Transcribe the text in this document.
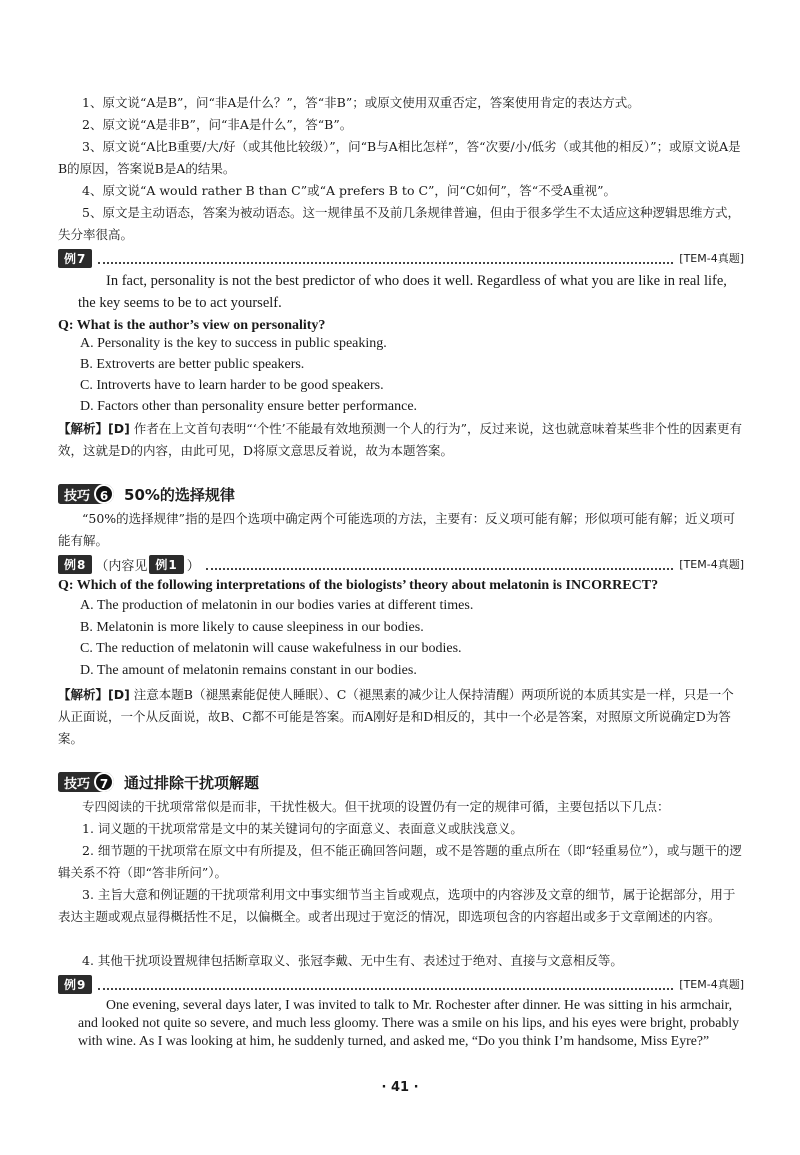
1、原文说“A是B”，问“非A是什么？”，答“非B”；或原文使用双重否定，答案使用肯定的表达方式。

2、原文说“A是非B”，问“非A是什么”，答“B”。

3、原文说“A比B重要/大/好（或其他比较级）”，问“B与A相比怎样”，答“次要/小/低劣（或其他的相反）”；或原文说A是B的原因，答案说B是A的结果。

4、原文说“A would rather B than C”或“A prefers B to C”，问“C如何”，答“不受A重视”。

5、原文是主动语态，答案为被动语态。这一规律虽不及前几条规律普遍，但由于很多学生不太适应这种逻辑思维方式，失分率很高。

例7	[TEM-4真题]

In fact, personality is not the best predictor of who does it well. Regardless of what you are like in real life, the key seems to be to act yourself.

Q: What is the author’s view on personality?

A. Personality is the key to success in public speaking.

B. Extroverts are better public speakers.

C. Introverts have to learn harder to be good speakers.

D. Factors other than personality ensure better performance.

【解析】[D] 作者在上文首句表明“‘个性’不能最有效地预测一个人的行为”，反过来说，这也就意味着某些非个性的因素更有效，这就是D的内容，由此可见，D将原文意思反着说，故为本题答案。

技巧 6	50%的选择规律

“50%的选择规律”指的是四个选项中确定两个可能选项的方法，主要有：反义项可能有解；形似项可能有解；近义项可能有解。

例8 （内容见 例1 ）	[TEM-4真题]

Q: Which of the following interpretations of the biologists’ theory about melatonin is INCORRECT?

A. The production of melatonin in our bodies varies at different times.

B. Melatonin is more likely to cause sleepiness in our bodies.

C. The reduction of melatonin will cause wakefulness in our bodies.

D. The amount of melatonin remains constant in our bodies.

【解析】[D] 注意本题B（褪黑素能促使人睡眠）、C（褪黑素的减少让人保持清醒）两项所说的本质其实是一样，只是一个从正面说，一个从反面说，故B、C都不可能是答案。而A刚好是和D相反的，其中一个必是答案，对照原文所说确定D为答案。

技巧 7	通过排除干扰项解题

专四阅读的干扰项常常似是而非，干扰性极大。但干扰项的设置仍有一定的规律可循，主要包括以下几点：

1. 词义题的干扰项常常是文中的某关键词句的字面意义、表面意义或肤浅意义。

2. 细节题的干扰项常在原文中有所提及，但不能正确回答问题，或不是答题的重点所在（即“轻重易位”），或与题干的逻辑关系不符（即“答非所问”）。

3. 主旨大意和例证题的干扰项常利用文中事实细节当主旨或观点，选项中的内容涉及文章的细节，属于论据部分，用于表达主题或观点显得概括性不足，以偏概全。或者出现过于宽泛的情况，即选项包含的内容超出或多于文章阐述的内容。

4. 其他干扰项设置规律包括断章取义、张冠李戴、无中生有、表述过于绝对、直接与文意相反等。

例9	[TEM-4真题]

One evening, several days later, I was invited to talk to Mr. Rochester after dinner. He was sitting in his armchair, and looked not quite so severe, and much less gloomy. There was a smile on his lips, and his eyes were bright, probably with wine. As I was looking at him, he suddenly turned, and asked me, “Do you think I’m handsome, Miss Eyre?”

· 41 ·
